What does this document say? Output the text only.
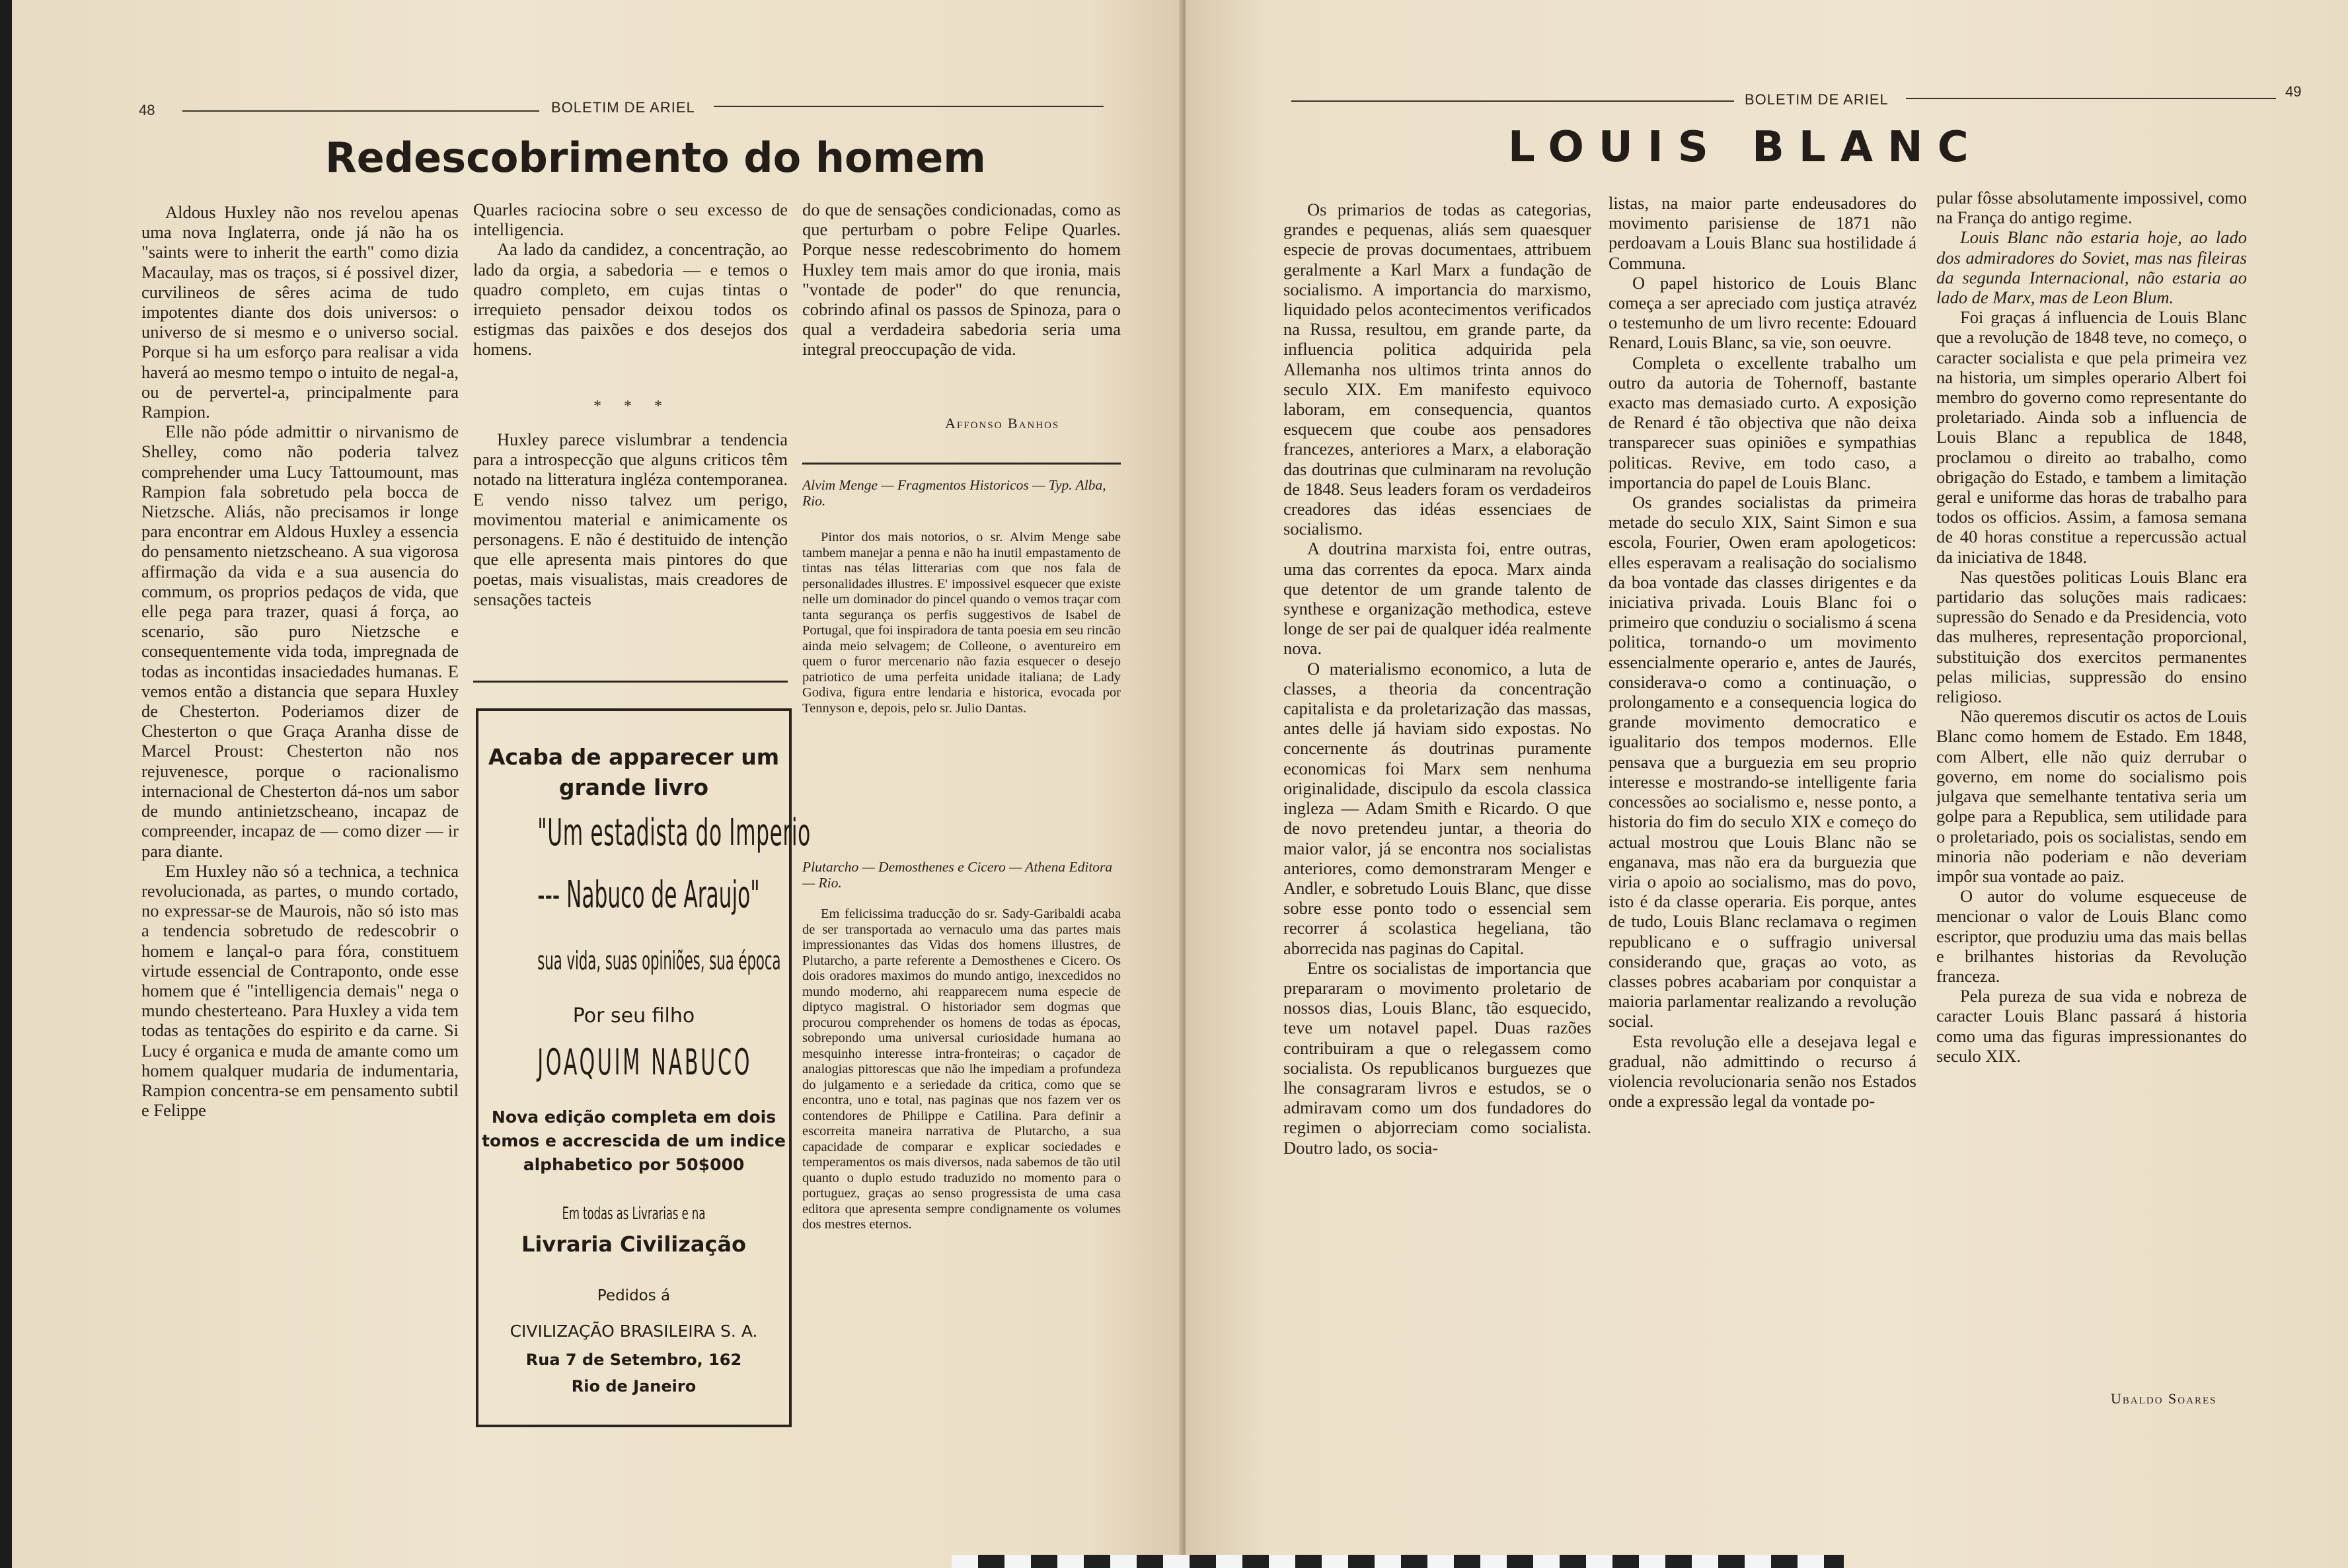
48	BOLETIM DE ARIEL
Redescobrimento do homem

Aldous Huxley não nos revelou apenas uma nova Inglaterra, onde já não ha os "saints were to inherit the earth" como dizia Macaulay, mas os traços, si é possivel dizer, curvilineos de sêres acima de tudo impotentes diante dos dois universos: o universo de si mesmo e o universo social. Porque si ha um esforço para realisar a vida haverá ao mesmo tempo o intuito de negal-a, ou de pervertel-a, principalmente para Rampion.

Elle não póde admittir o nirvanismo de Shelley, como não poderia talvez comprehender uma Lucy Tattoumount, mas Rampion fala sobretudo pela bocca de Nietzsche. Aliás, não precisamos ir longe para encontrar em Aldous Huxley a essencia do pensamento nietzscheano. A sua vigorosa affirmação da vida e a sua ausencia do commum, os proprios pedaços de vida, que elle pega para trazer, quasi á força, ao scenario, são puro Nietzsche e consequentemente vida toda, impregnada de todas as incontidas insaciedades humanas. E vemos então a distancia que separa Huxley de Chesterton. Poderiamos dizer de Chesterton o que Graça Aranha disse de Marcel Proust: Chesterton não nos rejuvenesce, porque o racionalismo internacional de Chesterton dá-nos um sabor de mundo antinietzscheano, incapaz de compreender, incapaz de — como dizer — ir para diante.

Em Huxley não só a technica, a technica revolucionada, as partes, o mundo cortado, no expressar-se de Maurois, não só isto mas a tendencia sobretudo de redescobrir o homem e lançal-o para fóra, constituem virtude essencial de Contraponto, onde esse homem que é "intelligencia demais" nega o mundo chesterteano. Para Huxley a vida tem todas as tentações do espirito e da carne. Si Lucy é organica e muda de amante como um homem qualquer mudaria de indumentaria, Rampion concentra-se em pensamento subtil e Felippe

Quarles raciocina sobre o seu excesso de intelligencia.

Aa lado da candidez, a concentração, ao lado da orgia, a sabedoria — e temos o quadro completo, em cujas tintas o irrequieto pensador deixou todos os estigmas das paixões e dos desejos dos homens.

* * *

Huxley parece vislumbrar a tendencia para a introspecção que alguns criticos têm notado na litteratura ingléza contemporanea. E vendo nisso talvez um perigo, movimentou material e animicamente os personagens. E não é destituido de intenção que elle apresenta mais pintores do que poetas, mais visualistas, mais creadores de sensações tacteis

Acaba de apparecer um
grande livro
"Um estadista do Imperio
--- Nabuco de Araujo"
sua vida, suas opiniões, sua época
Por seu filho
JOAQUIM NABUCO
Nova edição completa em dois
tomos e accrescida de um indice
alphabetico por 50$000
Em todas as Livrarias e na
Livraria Civilização
Pedidos á
CIVILIZAÇÃO BRASILEIRA S. A.
Rua 7 de Setembro, 162
Rio de Janeiro

do que de sensações condicionadas, como as que perturbam o pobre Felipe Quarles. Porque nesse redescobrimento do homem Huxley tem mais amor do que ironia, mais "vontade de poder" do que renuncia, cobrindo afinal os passos de Spinoza, para o qual a verdadeira sabedoria seria uma integral preoccupação de vida.

Affonso Banhos
Alvim Menge — Fragmentos Historicos — Typ. Alba, Rio.

Pintor dos mais notorios, o sr. Alvim Menge sabe tambem manejar a penna e não ha inutil empastamento de tintas nas télas litterarias com que nos fala de personalidades illustres. E' impossivel esquecer que existe nelle um dominador do pincel quando o vemos traçar com tanta segurança os perfis suggestivos de Isabel de Portugal, que foi inspiradora de tanta poesia em seu rincão ainda meio selvagem; de Colleone, o aventureiro em quem o furor mercenario não fazia esquecer o desejo patriotico de uma perfeita unidade italiana; de Lady Godiva, figura entre lendaria e historica, evocada por Tennyson e, depois, pelo sr. Julio Dantas.

Plutarcho — Demosthenes e Cicero — Athena Editora — Rio.

Em felicissima traducção do sr. Sady-Garibaldi acaba de ser transportada ao vernaculo uma das partes mais impressionantes das Vidas dos homens illustres, de Plutarcho, a parte referente a Demosthenes e Cicero. Os dois oradores maximos do mundo antigo, inexcedidos no mundo moderno, ahi reapparecem numa especie de diptyco magistral. O historiador sem dogmas que procurou comprehender os homens de todas as épocas, sobrepondo uma universal curiosidade humana ao mesquinho interesse intra-fronteiras; o caçador de analogias pittorescas que não lhe impediam a profundeza do julgamento e a seriedade da critica, como que se encontra, uno e total, nas paginas que nos fazem ver os contendores de Philippe e Catilina. Para definir a escorreita maneira narrativa de Plutarcho, a sua capacidade de comparar e explicar sociedades e temperamentos os mais diversos, nada sabemos de tão util quanto o duplo estudo traduzido no momento para o portuguez, graças ao senso progressista de uma casa editora que apresenta sempre condignamente os volumes dos mestres eternos.

BOLETIM DE ARIEL	49
LOUIS BLANC

Os primarios de todas as categorias, grandes e pequenas, aliás sem quaesquer especie de provas documentaes, attribuem geralmente a Karl Marx a fundação de socialismo. A importancia do marxismo, liquidado pelos acontecimentos verificados na Russa, resultou, em grande parte, da influencia politica adquirida pela Allemanha nos ultimos trinta annos do seculo XIX. Em manifesto equivoco laboram, em consequencia, quantos esquecem que coube aos pensadores francezes, anteriores a Marx, a elaboração das doutrinas que culminaram na revolução de 1848. Seus leaders foram os verdadeiros creadores das idéas essenciaes de socialismo.

A doutrina marxista foi, entre outras, uma das correntes da epoca. Marx ainda que detentor de um grande talento de synthese e organização methodica, esteve longe de ser pai de qualquer idéa realmente nova.

O materialismo economico, a luta de classes, a theoria da concentração capitalista e da proletarização das massas, antes delle já haviam sido expostas. No concernente ás doutrinas puramente economicas foi Marx sem nenhuma originalidade, discipulo da escola classica ingleza — Adam Smith e Ricardo. O que de novo pretendeu juntar, a theoria do maior valor, já se encontra nos socialistas anteriores, como demonstraram Menger e Andler, e sobretudo Louis Blanc, que disse sobre esse ponto todo o essencial sem recorrer á scolastica hegeliana, tão aborrecida nas paginas do Capital.

Entre os socialistas de importancia que prepararam o movimento proletario de nossos dias, Louis Blanc, tão esquecido, teve um notavel papel. Duas razões contribuiram a que o relegassem como socialista. Os republicanos burguezes que lhe consagraram livros e estudos, se o admiravam como um dos fundadores do regimen o abjorreciam como socialista. Doutro lado, os socia-

listas, na maior parte endeusadores do movimento parisiense de 1871 não perdoavam a Louis Blanc sua hostilidade á Communa.

O papel historico de Louis Blanc começa a ser apreciado com justiça atravéz o testemunho de um livro recente: Edouard Renard, Louis Blanc, sa vie, son oeuvre.

Completa o excellente trabalho um outro da autoria de Tohernoff, bastante exacto mas demasiado curto. A exposição de Renard é tão objectiva que não deixa transparecer suas opiniões e sympathias politicas. Revive, em todo caso, a importancia do papel de Louis Blanc.

Os grandes socialistas da primeira metade do seculo XIX, Saint Simon e sua escola, Fourier, Owen eram apologeticos: elles esperavam a realisação do socialismo da boa vontade das classes dirigentes e da iniciativa privada. Louis Blanc foi o primeiro que conduziu o socialismo á scena politica, tornando-o um movimento essencialmente operario e, antes de Jaurés, considerava-o como a continuação, o prolongamento e a consequencia logica do grande movimento democratico e igualitario dos tempos modernos. Elle pensava que a burguezia em seu proprio interesse e mostrando-se intelligente faria concessões ao socialismo e, nesse ponto, a historia do fim do seculo XIX e começo do actual mostrou que Louis Blanc não se enganava, mas não era da burguezia que viria o apoio ao socialismo, mas do povo, isto é da classe operaria. Eis porque, antes de tudo, Louis Blanc reclamava o regimen republicano e o suffragio universal considerando que, graças ao voto, as classes pobres acabariam por conquistar a maioria parlamentar realizando a revolução social.

Esta revolução elle a desejava legal e gradual, não admittindo o recurso á violencia revolucionaria senão nos Estados onde a expressão legal da vontade po-

pular fôsse absolutamente impossivel, como na França do antigo regime.

Louis Blanc não estaria hoje, ao lado dos admiradores do Soviet, mas nas fileiras da segunda Internacional, não estaria ao lado de Marx, mas de Leon Blum.

Foi graças á influencia de Louis Blanc que a revolução de 1848 teve, no começo, o caracter socialista e que pela primeira vez na historia, um simples operario Albert foi membro do governo como representante do proletariado. Ainda sob a influencia de Louis Blanc a republica de 1848, proclamou o direito ao trabalho, como obrigação do Estado, e tambem a limitação geral e uniforme das horas de trabalho para todos os officios. Assim, a famosa semana de 40 horas constitue a repercussão actual da iniciativa de 1848.

Nas questões politicas Louis Blanc era partidario das soluções mais radicaes: supressão do Senado e da Presidencia, voto das mulheres, representação proporcional, substituição dos exercitos permanentes pelas milicias, suppressão do ensino religioso.

Não queremos discutir os actos de Louis Blanc como homem de Estado. Em 1848, com Albert, elle não quiz derrubar o governo, em nome do socialismo pois julgava que semelhante tentativa seria um golpe para a Republica, sem utilidade para o proletariado, pois os socialistas, sendo em minoria não poderiam e não deveriam impôr sua vontade ao paiz.

O autor do volume esqueceuse de mencionar o valor de Louis Blanc como escriptor, que produziu uma das mais bellas e brilhantes historias da Revolução franceza.

Pela pureza de sua vida e nobreza de caracter Louis Blanc passará á historia como uma das figuras impressionantes do seculo XIX.

Ubaldo Soares
